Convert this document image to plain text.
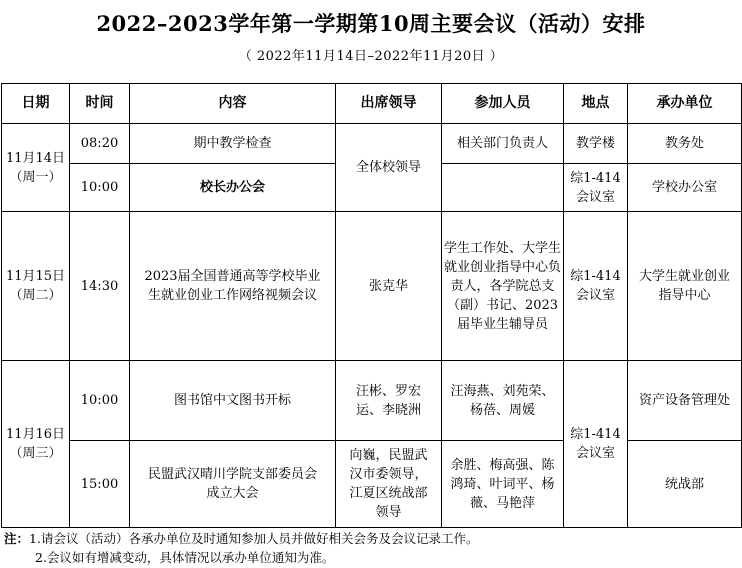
2022–2023学年第一学期第10周主要会议（活动）安排
（ 2022年11月14日–2022年11月20日 ）
日期	时间	内容	出席领导	参加人员	地点	承办单位
11月14日
（周一）	08:20	期中教学检查	全体校领导	相关部门负责人	教学楼	教务处
	10:00	校长办公会			综1-414会议室	学校办公室
11月15日
（周二）	14:30	2023届全国普通高等学校毕业生就业创业工作网络视频会议	张克华	学生工作处、大学生就业创业指导中心负责人，各学院总支（副）书记、2023届毕业生辅导员	综1-414会议室	大学生就业创业指导中心
11月16日
（周三）	10:00	图书馆中文图书开标	汪彬、罗宏运、李晓洲	汪海燕、刘苑荣、杨蓓、周媛	综1-414会议室	资产设备管理处
	15:00	民盟武汉晴川学院支部委员会成立大会	向巍，民盟武汉市委领导，江夏区统战部领导	余胜、梅高强、陈鸿琦、叶词平、杨薇、马艳萍		统战部
注：1.请会议（活动）各承办单位及时通知参加人员并做好相关会务及会议记录工作。
2.会议如有增减变动，具体情况以承办单位通知为准。
